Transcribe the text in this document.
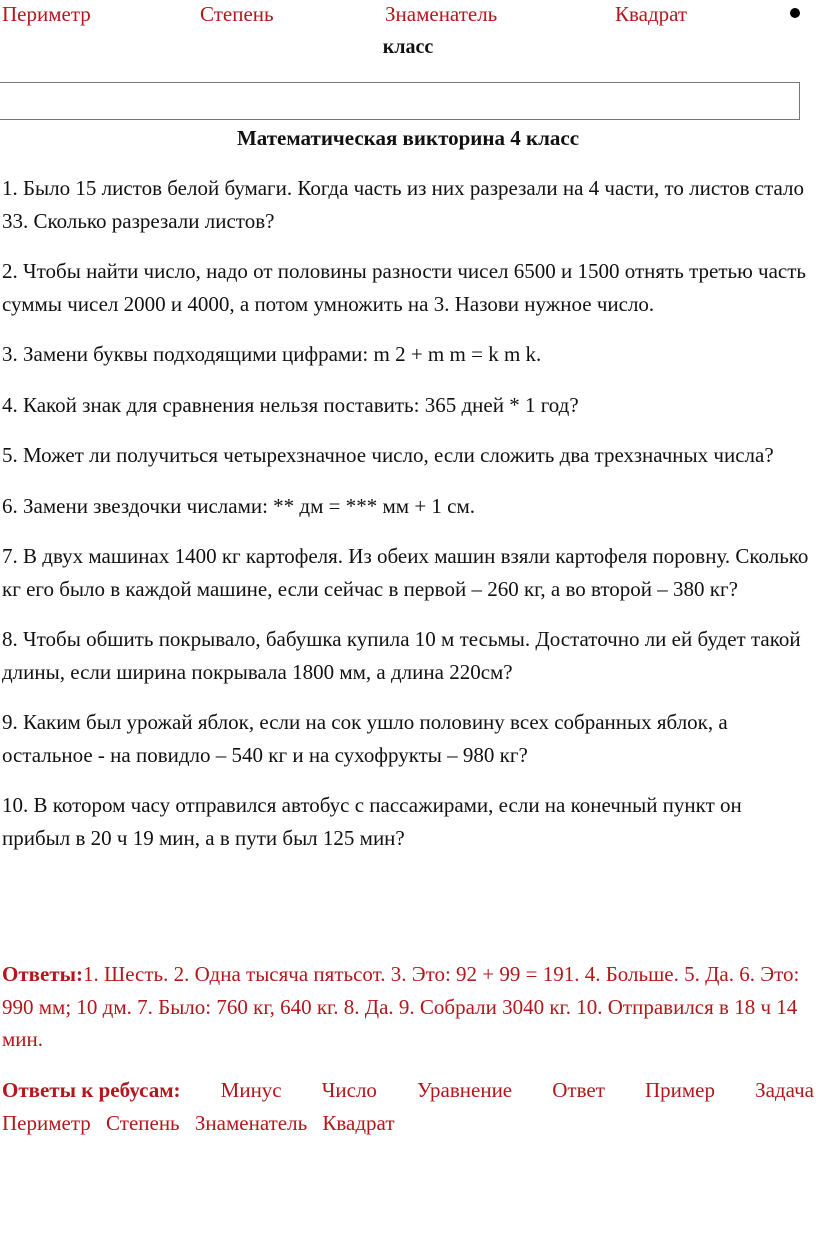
Периметр	Степень	Знаменатель	Квадрат
класс
Математическая викторина 4 класс

1. Было 15 листов белой бумаги. Когда часть из них разрезали на 4 части, то листов стало 33. Сколько разрезали листов?

2. Чтобы найти число, надо от половины разности чисел 6500 и 1500 отнять третью часть суммы чисел 2000 и 4000, а потом умножить на 3. Назови нужное число.

3. Замени буквы подходящими цифрами: m 2 + m m = k m k.

4. Какой знак для сравнения нельзя поставить: 365 дней * 1 год?

5. Может ли получиться четырехзначное число, если сложить два трехзначных числа?

6. Замени звездочки числами: ** дм = *** мм + 1 см.

7. В двух машинах 1400 кг картофеля. Из обеих машин взяли картофеля поровну. Сколько кг его было в каждой машине, если сейчас в первой – 260 кг, а во второй – 380 кг?

8. Чтобы обшить покрывало, бабушка купила 10 м тесьмы. Достаточно ли ей будет такой длины, если ширина покрывала 1800 мм, а длина 220см?

9. Каким был урожай яблок, если на сок ушло половину всех собранных яблок, а остальное - на повидло – 540 кг и на сухофрукты – 980 кг?

10. В котором часу отправился автобус с пассажирами, если на конечный пункт он прибыл в 20 ч 19 мин, а в пути был 125 мин?

Ответы:1. Шесть. 2. Одна тысяча пятьсот. 3. Это: 92 + 99 = 191. 4. Больше. 5. Да. 6. Это: 990 мм; 10 дм. 7. Было: 760 кг, 640 кг. 8. Да. 9. Собрали 3040 кг. 10. Отправился в 18 ч 14 мин.
Ответы к ребусам: Минус Число Уравнение Ответ Пример Задача
Периметр Степень Знаменатель Квадрат
